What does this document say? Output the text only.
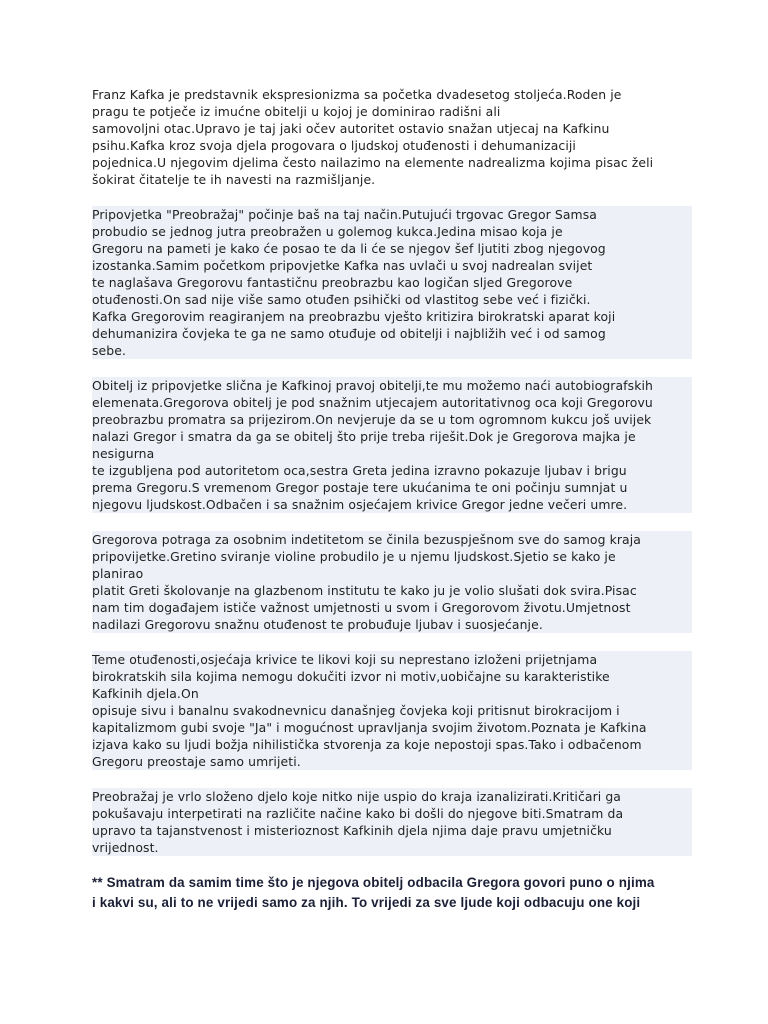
Franz Kafka je predstavnik ekspresionizma sa početka dvadesetog stoljeća.Roden je
pragu te potječe iz imućne obitelji u kojoj je dominirao radišni ali
samovoljni otac.Upravo je taj jaki očev autoritet ostavio snažan utjecaj na Kafkinu
psihu.Kafka kroz svoja djela progovara o ljudskoj otuđenosti i dehumanizaciji
pojednica.U njegovim djelima često nailazimo na elemente nadrealizma kojima pisac želi
šokirat čitatelje te ih navesti na razmišljanje.
Pripovjetka "Preobražaj" počinje baš na taj način.Putujući trgovac Gregor Samsa
probudio se jednog jutra preobražen u golemog kukca.Jedina misao koja je
Gregoru na pameti je kako će posao te da li će se njegov šef ljutiti zbog njegovog
izostanka.Samim početkom pripovjetke Kafka nas uvlači u svoj nadrealan svijet
te naglašava Gregorovu fantastičnu preobrazbu kao logičan sljed Gregorove
otuđenosti.On sad nije više samo otuđen psihički od vlastitog sebe već i fizički.
Kafka Gregorovim reagiranjem na preobrazbu vješto kritizira birokratski aparat koji
dehumanizira čovjeka te ga ne samo otuđuje od obitelji i najbližih već i od samog
sebe.
Obitelj iz pripovjetke slična je Kafkinoj pravoj obitelji,te mu možemo naći autobiografskih
elemenata.Gregorova obitelj je pod snažnim utjecajem autoritativnog oca koji Gregorovu
preobrazbu promatra sa prijezirom.On nevjeruje da se u tom ogromnom kukcu još uvijek
nalazi Gregor i smatra da ga se obitelj što prije treba riješit.Dok je Gregorova majka je
nesigurna
te izgubljena pod autoritetom oca,sestra Greta jedina izravno pokazuje ljubav i brigu
prema Gregoru.S vremenom Gregor postaje tere ukućanima te oni počinju sumnjat u
njegovu ljudskost.Odbačen i sa snažnim osjećajem krivice Gregor jedne večeri umre.
Gregorova potraga za osobnim indetitetom se činila bezuspješnom sve do samog kraja
pripovijetke.Gretino sviranje violine probudilo je u njemu ljudskost.Sjetio se kako je
planirao
platit Greti školovanje na glazbenom institutu te kako ju je volio slušati dok svira.Pisac
nam tim događajem ističe važnost umjetnosti u svom i Gregorovom životu.Umjetnost
nadilazi Gregorovu snažnu otuđenost te probuđuje ljubav i suosjećanje.
Teme otuđenosti,osjećaja krivice te likovi koji su neprestano izloženi prijetnjama
birokratskih sila kojima nemogu dokučiti izvor ni motiv,uobičajne su karakteristike
Kafkinih djela.On
opisuje sivu i banalnu svakodnevnicu današnjeg čovjeka koji pritisnut birokracijom i
kapitalizmom gubi svoje "Ja" i mogućnost upravljanja svojim životom.Poznata je Kafkina
izjava kako su ljudi božja nihilistička stvorenja za koje nepostoji spas.Tako i odbačenom
Gregoru preostaje samo umrijeti.
Preobražaj je vrlo složeno djelo koje nitko nije uspio do kraja izanalizirati.Kritičari ga
pokušavaju interpetirati na različite načine kako bi došli do njegove biti.Smatram da
upravo ta tajanstvenost i misterioznost Kafkinih djela njima daje pravu umjetničku
vrijednost.
** Smatram da samim time što je njegova obitelj odbacila Gregora govori puno o njima
i kakvi su, ali to ne vrijedi samo za njih. To vrijedi za sve ljude koji odbacuju one koji
